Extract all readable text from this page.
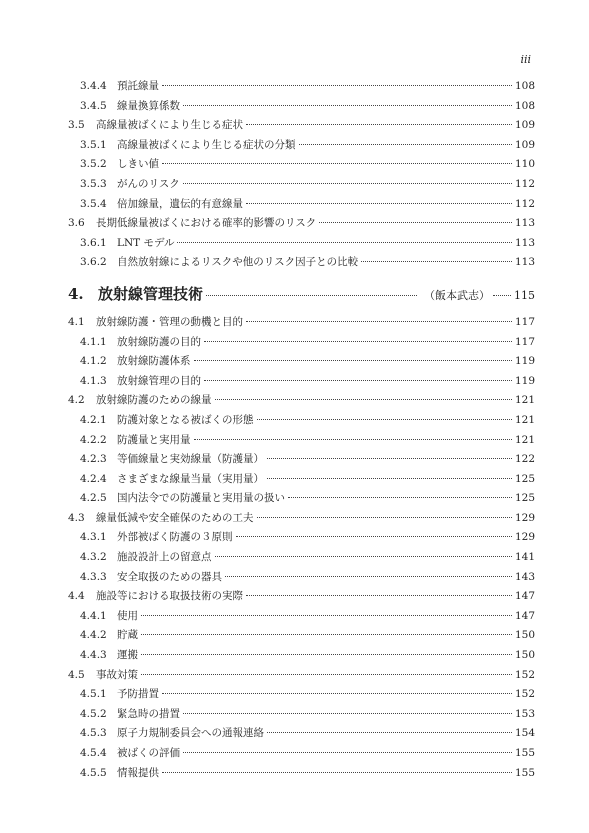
iii
3.4.4 預託線量	108
3.4.5 線量換算係数	108
3.5	高線量被ばくにより生じる症状	109
3.5.1 高線量被ばくにより生じる症状の分類	109
3.5.2 しきい値	110
3.5.3 がんのリスク	112
3.5.4 倍加線量，遺伝的有意線量	112
3.6	長期低線量被ばくにおける確率的影響のリスク	113
3.6.1 LNT モデル	113
3.6.2 自然放射線によるリスクや他のリスク因子との比較	113
4. 放射線管理技術	（飯本武志） 115
4.1	放射線防護・管理の動機と目的	117
4.1.1 放射線防護の目的	117
4.1.2 放射線防護体系	119
4.1.3 放射線管理の目的	119
4.2	放射線防護のための線量	121
4.2.1 防護対象となる被ばくの形態	121
4.2.2 防護量と実用量	121
4.2.3 等価線量と実効線量（防護量）	122
4.2.4 さまざまな線量当量（実用量）	125
4.2.5 国内法令での防護量と実用量の扱い	125
4.3	線量低減や安全確保のための工夫	129
4.3.1 外部被ばく防護の３原則	129
4.3.2 施設設計上の留意点	141
4.3.3 安全取扱のための器具	143
4.4	施設等における取扱技術の実際	147
4.4.1 使用	147
4.4.2 貯蔵	150
4.4.3 運搬	150
4.5	事故対策	152
4.5.1 予防措置	152
4.5.2 緊急時の措置	153
4.5.3 原子力規制委員会への通報連絡	154
4.5.4 被ばくの評価	155
4.5.5 情報提供	155
